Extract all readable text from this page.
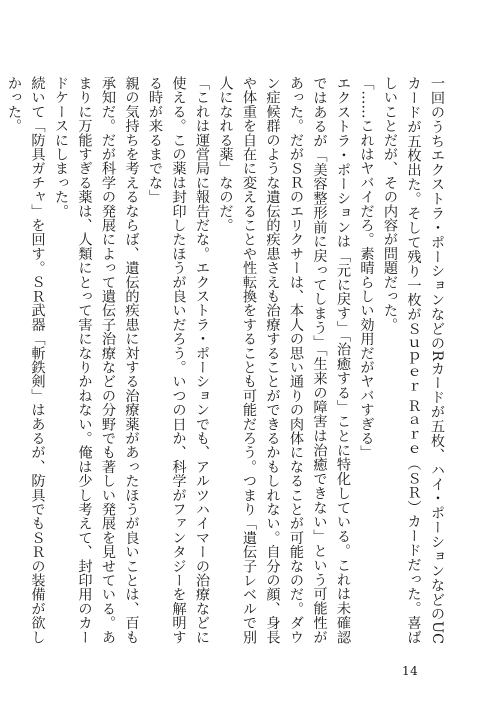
一回のうちエクストラ・ポーションなどのRカードが五枚、ハイ・ポーションなどのUCカードが五枚出た。そして残り一枚がＳｕｐｅｒ Ｒａｒｅ（ＳＲ）カードだった。喜ばしいことだが、その内容が問題だった。

「……これはヤバイだろ。素晴らしい効用だがヤバすぎる」

エクストラ・ポーションは「元に戻す」「治癒する」ことに特化している。これは未確認ではあるが「美容整形前に戻ってしまう」「生来の障害は治癒できない」という可能性があった。だがＳＲのエリクサーは、本人の思い通りの肉体になることが可能なのだ。ダウン症候群のような遺伝的疾患さえも治療することができるかもしれない。自分の顔、身長や体重を自在に変えることや性転換をすることも可能だろう。つまり「遺伝子レベルで別人になれる薬」なのだ。

「これは運営局に報告だな。エクストラ・ポーションでも、アルツハイマーの治療などに使える。この薬は封印したほうが良いだろう。いつの日か、科学がファンタジーを解明する時が来るまでな」

親の気持ちを考えるならば、遺伝的疾患に対する治療薬があったほうが良いことは、百も承知だ。だが科学の発展によって遺伝子治療などの分野でも著しい発展を見せている。あまりに万能すぎる薬は、人類にとって害になりかねない。俺は少し考えて、封印用のカードケースにしまった。

続いて「防具ガチャ」を回す。ＳＲ武器「斬鉄剣」はあるが、防具でもＳＲの装備が欲しかった。

14
